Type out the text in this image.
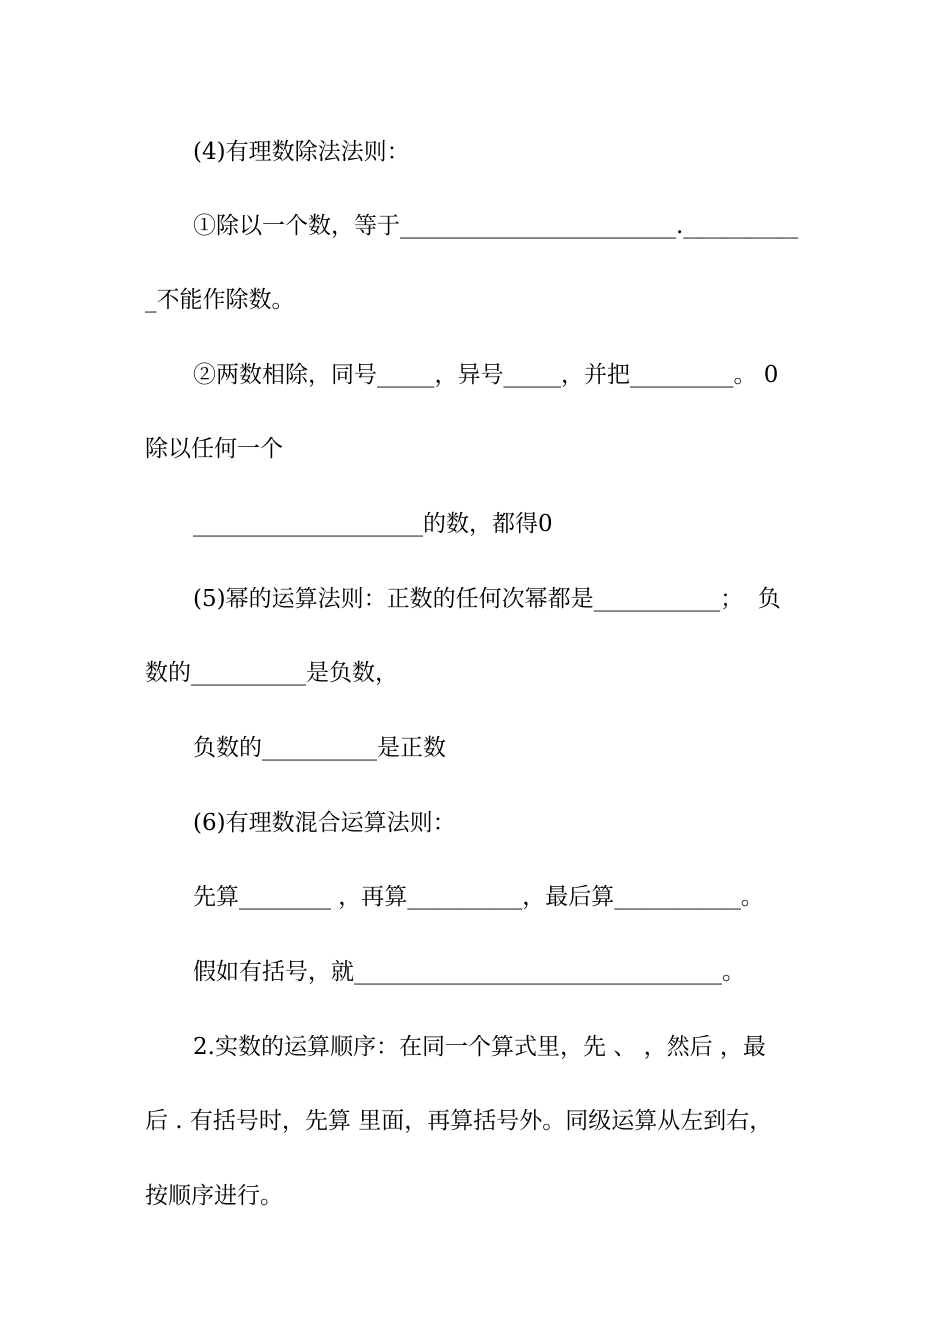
(4)有理数除法法则：

①除以一个数，等于________________________.__________

_不能作除数。

②两数相除，同号_____，异号_____，并把_________。 0

除以任何一个

____________________的数，都得0

(5)幂的运算法则：正数的任何次幂都是___________；  负

数的__________是负数，

负数的__________是正数

(6)有理数混合运算法则：

先算________ ，再算__________，最后算___________。

假如有括号，就________________________________。

2.实数的运算顺序：在同一个算式里，先 、 ，然后 ，最

后 . 有括号时，先算 里面，再算括号外。同级运算从左到右，

按顺序进行。
